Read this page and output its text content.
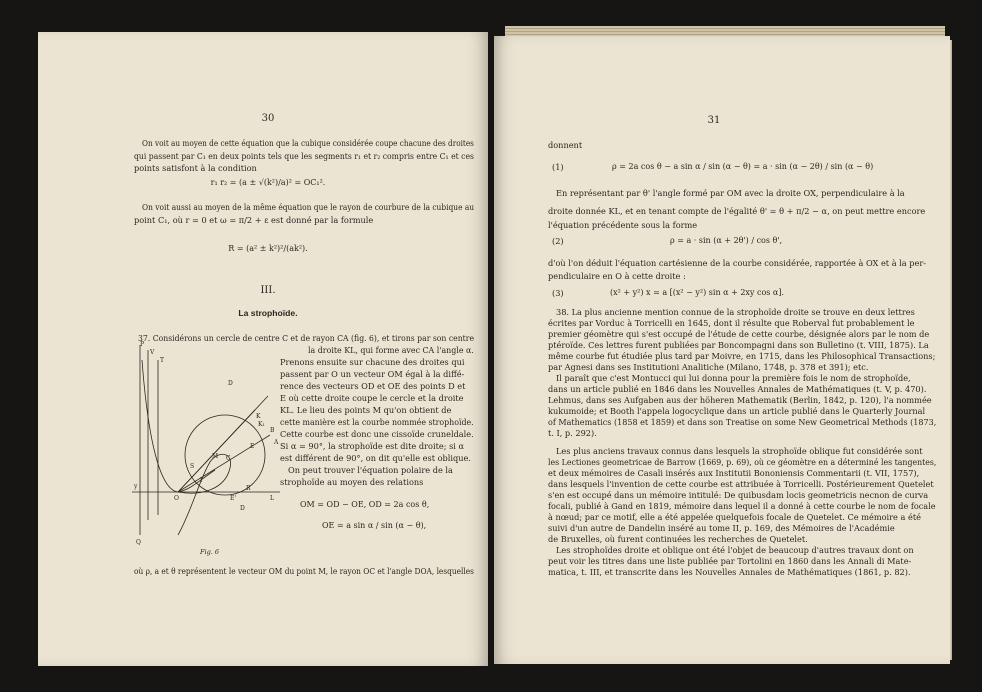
30
On voit au moyen de cette équation que la cubique considérée coupe chacune des droites
qui passent par C₁ en deux points tels que les segments r₁ et r₂ compris entre C₁ et ces
points satisfont à la condition
r₁ r₂ = (a ± √(k²)/a)² = OC₁².
On voit aussi au moyen de la même équation que le rayon de courbure de la cubique au
point C₁, où r = 0 et ω = π/2 + ε est donné par la formule
R = (a² ± k²)²/(ak²).
III.
La strophoïde.
37. Considérons un cercle de centre C et de rayon CA (fig. 6), et tirons par son centre
la droite KL, qui forme avec CA l'angle α.
Prenons ensuite sur chacune des droites qui
passent par O un vecteur OM égal à la diffé-
rence des vecteurs OD et OE des points D et
E où cette droite coupe le cercle et la droite
KL. Le lieu des points M qu'on obtient de
cette manière est la courbe nommée strophoïde.
Cette courbe est donc une cissoïde cruneldale.
Si α = 90°, la strophoïde est dite droite; si α
est différent de 90°, on dit qu'elle est oblique.
On peut trouver l'équation polaire de la
strophoïde au moyen des relations
OM = OD − OE, OD = 2a cos θ,
OE = a sin α / sin (α − θ),
où ρ, a et θ représentent le vecteur OM du point M, le rayon OC et l'angle DOA, lesquelles
P
V
T
D
K
B
A
E
C
M
O
S
I
Q
L
K₁
R
D
E'
y
Fig. 6
31
donnent
(1)	ρ = 2a cos θ − a sin α / sin (α − θ) = a · sin (α − 2θ) / sin (α − θ)
En représentant par θ' l'angle formé par OM avec la droite OX, perpendiculaire à la
droite donnée KL, et en tenant compte de l'égalité θ' = θ + π/2 − α, on peut mettre encore
l'équation précédente sous la forme
(2)	ρ = a · sin (α + 2θ') / cos θ',
d'où l'on déduit l'équation cartésienne de la courbe considérée, rapportée à OX et à la per-
pendiculaire en O à cette droite :
(3)	(x² + y²) x = a [(x² − y²) sin α + 2xy cos α].
38. La plus ancienne mention connue de la strophoïde droite se trouve en deux lettres
écrites par Vorduc à Torricelli en 1645, dont il résulte que Roberval fut probablement le
premier géomètre qui s'est occupé de l'étude de cette courbe, désignée alors par le nom de
ptéroïde. Ces lettres furent publiées par Boncompagni dans son Bulletino (t. VIII, 1875). La
même courbe fut étudiée plus tard par Moivre, en 1715, dans les Philosophical Transactions;
par Agnesi dans ses Institutioni Analitiche (Milano, 1748, p. 378 et 391); etc.
Il paraît que c'est Montucci qui lui donna pour la première fois le nom de strophoïde,
dans un article publié en 1846 dans les Nouvelles Annales de Mathématiques (t. V, p. 470).
Lehmus, dans ses Aufgaben aus der höheren Mathematik (Berlin, 1842, p. 120), l'a nommée
kukumoide; et Booth l'appela logocyclique dans un article publié dans le Quarterly Journal
of Mathematics (1858 et 1859) et dans son Treatise on some New Geometrical Methods (1873,
t. I, p. 292).
Les plus anciens travaux connus dans lesquels la strophoïde oblique fut considérée sont
les Lectiones geometricae de Barrow (1669, p. 69), où ce géomètre en a déterminé les tangentes,
et deux mémoires de Casali insérés aux Institutii Bononiensis Commentarii (t. VII, 1757),
dans lesquels l'invention de cette courbe est attribuée à Torricelli. Postérieurement Quetelet
s'en est occupé dans un mémoire intitulé: De quibusdam locis geometricis necnon de curva
focali, publié à Gand en 1819, mémoire dans lequel il a donné à cette courbe le nom de focale
à nœud; par ce motif, elle a été appelée quelquefois focale de Quetelet. Ce mémoire a été
suivi d'un autre de Dandelin inséré au tome II, p. 169, des Mémoires de l'Académie
de Bruxelles, où furent continuées les recherches de Quetelet.
Les strophoïdes droite et oblique ont été l'objet de beaucoup d'autres travaux dont on
peut voir les titres dans une liste publiée par Tortolini en 1860 dans les Annali di Mate-
matica, t. III, et transcrite dans les Nouvelles Annales de Mathématiques (1861, p. 82).
